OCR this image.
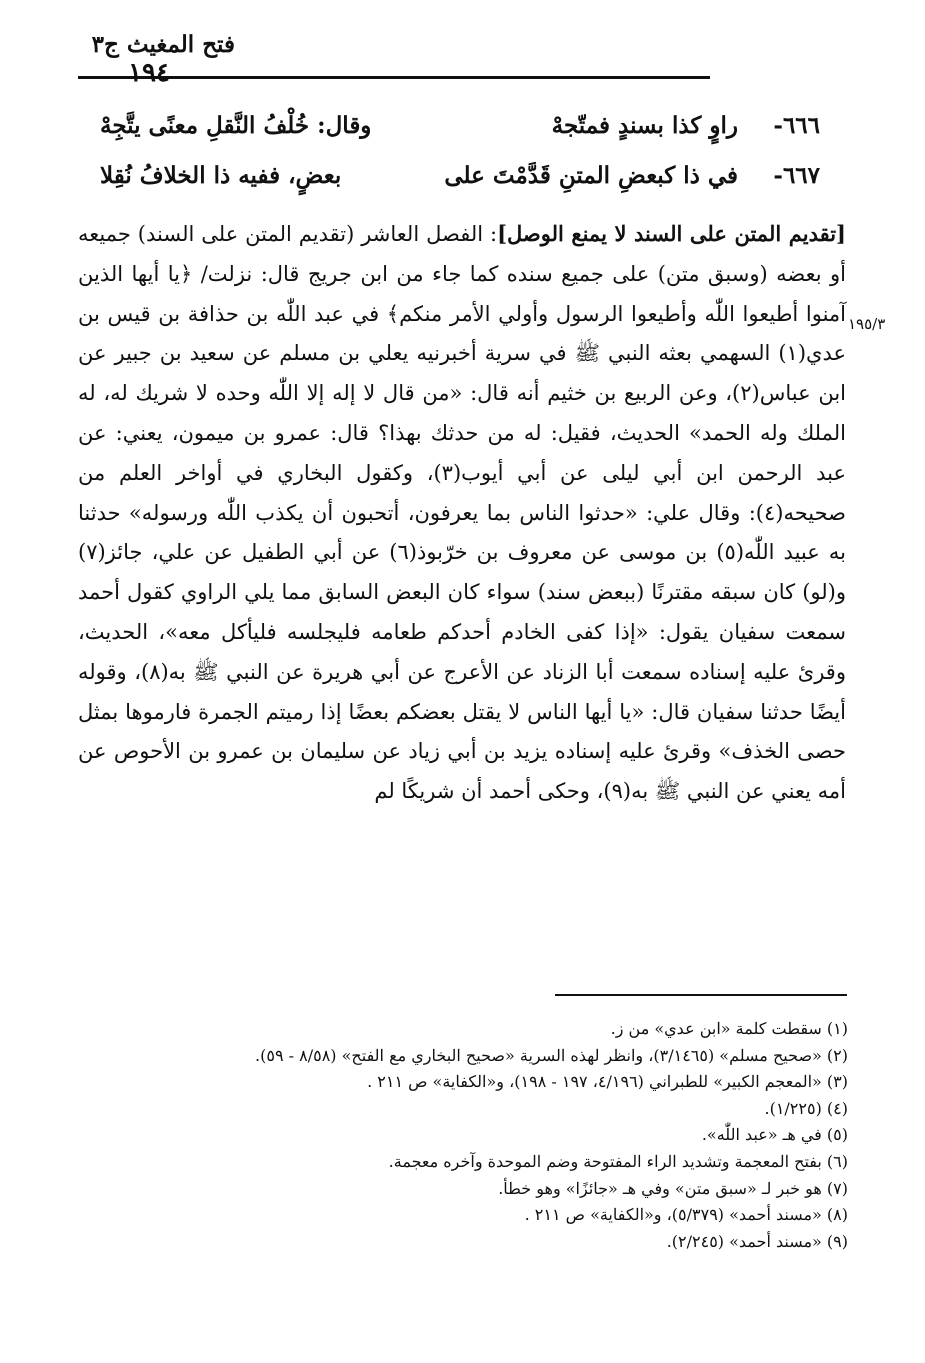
فتح المغيث ج٣
١٩٤
٦٦٦-
راوٍ كذا بسندٍ فمتّجهْ
وقال: خُلْفُ النَّقلِ معنًى يتَّجِهْ
٦٦٧-
في ذا كبعضِ المتنِ قَدَّمْتَ على
بعضٍ، ففيه ذا الخلافُ نُقِلا
[تقديم المتن على السند لا يمنع الوصل]: الفصل العاشر (تقديم المتن على السند) جميعه أو بعضه (وسبق متن) على جميع سنده كما جاء من ابن جريج قال: نزلت/ ﴿يا أيها الذين آمنوا أطيعوا اللّٰه وأطيعوا الرسول وأولي الأمر منكم﴾ في عبد اللّٰه بن حذافة بن قيس بن عدي(١) السهمي بعثه النبي ﷺ في سرية أخبرنيه يعلي بن مسلم عن سعيد بن جبير عن ابن عباس(٢)، وعن الربيع بن خثيم أنه قال: «من قال لا إله إلا اللّٰه وحده لا شريك له، له الملك وله الحمد» الحديث، فقيل: له من حدثك بهذا؟ قال: عمرو بن ميمون، يعني: عن عبد الرحمن ابن أبي ليلى عن أبي أيوب(٣)، وكقول البخاري في أواخر العلم من صحيحه(٤): وقال علي: «حدثوا الناس بما يعرفون، أتحبون أن يكذب اللّٰه ورسوله» حدثنا به عبيد اللّٰه(٥) بن موسى عن معروف بن خرّبوذ(٦) عن أبي الطفيل عن علي، جائز(٧) و(لو) كان سبقه مقترنًا (ببعض سند) سواء كان البعض السابق مما يلي الراوي كقول أحمد سمعت سفيان يقول: «إذا كفى الخادم أحدكم طعامه فليجلسه فليأكل معه»، الحديث، وقرئ عليه إسناده سمعت أبا الزناد عن الأعرج عن أبي هريرة عن النبي ﷺ به(٨)، وقوله أيضًا حدثنا سفيان قال: «يا أيها الناس لا يقتل بعضكم بعضًا إذا رميتم الجمرة فارموها بمثل حصى الخذف» وقرئ عليه إسناده يزيد بن أبي زياد عن سليمان بن عمرو بن الأحوص عن أمه يعني عن النبي ﷺ به(٩)، وحكى أحمد أن شريكًا لم
١٩٥/٣
(١) سقطت كلمة «ابن عدي» من ز.
(٢) «صحيح مسلم» (٣/١٤٦٥)، وانظر لهذه السرية «صحيح البخاري مع الفتح» (٨/٥٨ - ٥٩).
(٣) «المعجم الكبير» للطبراني (٤/١٩٦، ١٩٧ - ١٩٨)، و«الكفاية» ص ٢١١ .
(٤) (١/٢٢٥).
(٥) في هـ «عبد اللّٰه».
(٦) بفتح المعجمة وتشديد الراء المفتوحة وضم الموحدة وآخره معجمة.
(٧) هو خبر لـ «سبق متن» وفي هـ «جائزًا» وهو خطأ.
(٨) «مسند أحمد» (٥/٣٧٩)، و«الكفاية» ص ٢١١ .
(٩) «مسند أحمد» (٢/٢٤٥).
